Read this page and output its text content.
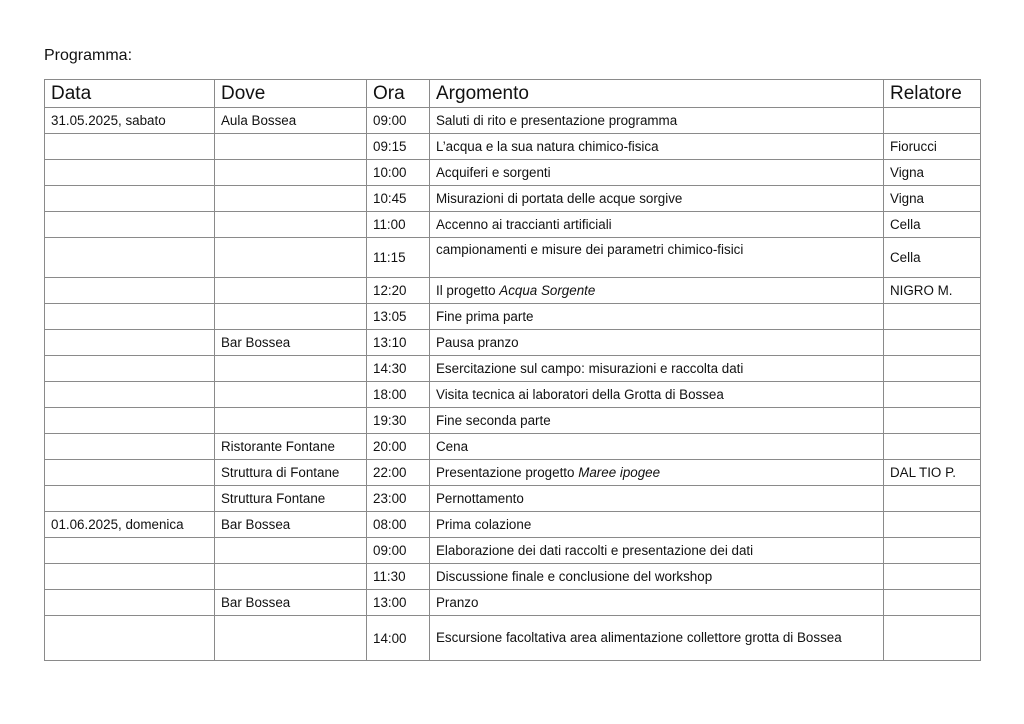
Programma:
Data	Dove	Ora	Argomento	Relatore
31.05.2025, sabato	Aula Bossea	09:00	Saluti di rito e presentazione programma	
		09:15	L’acqua e la sua natura chimico-fisica	Fiorucci
		10:00	Acquiferi e sorgenti	Vigna
		10:45	Misurazioni di portata delle acque sorgive	Vigna
		11:00	Accenno ai traccianti artificiali	Cella
		11:15	campionamenti e misure dei parametri chimico-fisici	Cella
		12:20	Il progetto Acqua Sorgente	NIGRO M.
		13:05	Fine prima parte	
	Bar Bossea	13:10	Pausa pranzo	
		14:30	Esercitazione sul campo: misurazioni e raccolta dati	
		18:00	Visita tecnica ai laboratori della Grotta di Bossea	
		19:30	Fine seconda parte	
	Ristorante Fontane	20:00	Cena	
	Struttura di Fontane	22:00	Presentazione progetto Maree ipogee	DAL TIO P.
	Struttura Fontane	23:00	Pernottamento	
01.06.2025, domenica	Bar Bossea	08:00	Prima colazione	
		09:00	Elaborazione dei dati raccolti e presentazione dei dati	
		11:30	Discussione finale e conclusione del workshop	
	Bar Bossea	13:00	Pranzo	
		14:00	Escursione facoltativa area alimentazione collettore grotta di Bossea	
